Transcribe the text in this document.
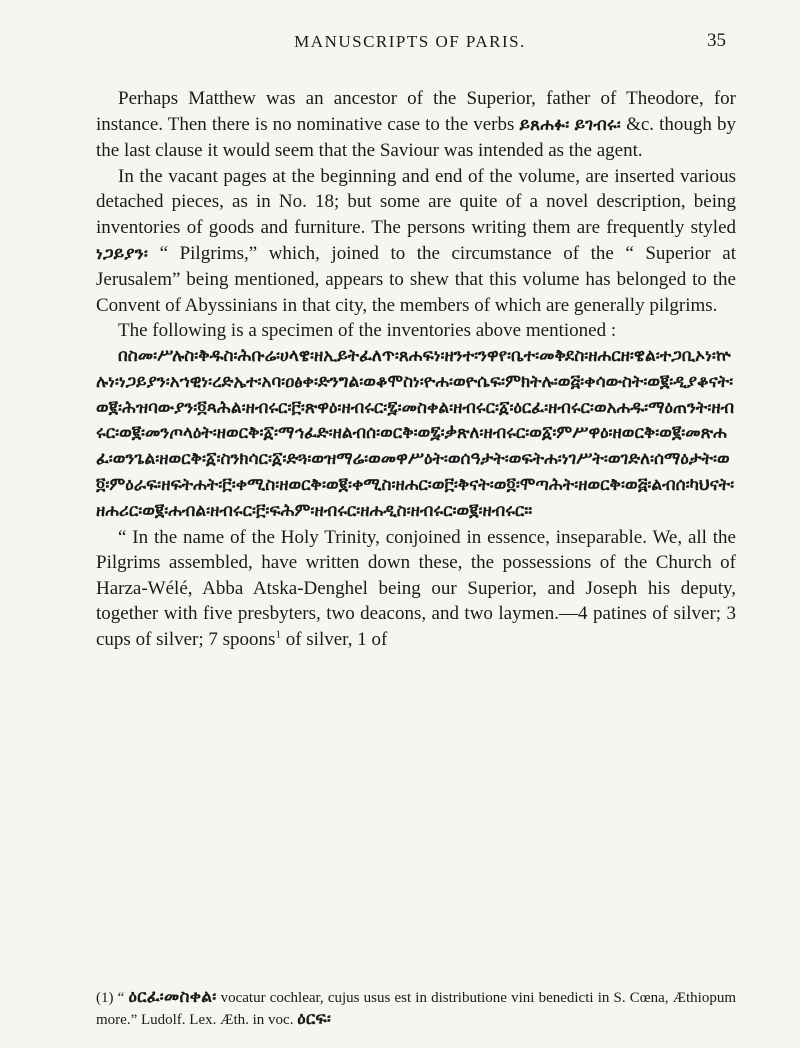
MANUSCRIPTS OF PARIS.	35

Perhaps Matthew was an ancestor of the Superior, father of Theodore, for instance. Then there is no nominative case to the verbs ይጸሐፉ፡ ይገብሩ፡ &c. though by the last clause it would seem that the Saviour was intended as the agent.

In the vacant pages at the beginning and end of the volume, are inserted various detached pieces, as in No. 18; but some are quite of a novel description, being inventories of goods and furniture. The persons writing them are frequently styled ነጋይያን፡ “ Pilgrims,” which, joined to the circumstance of the “ Superior at Jerusalem” being mentioned, appears to shew that this volume has belonged to the Convent of Abyssinians in that city, the members of which are generally pilgrims.

The following is a specimen of the inventories above mentioned :

በስመ፡ሥሉስ፡ቅዱስ፡ሕቡሬ፡ሀላዌ፡ዘኢይትፈለጥ፡ጸሐፍነ፡ዘንተ፡ንዋየ፡ቤተ፡መቅደስ፡ዘሐርዘ፡ዌል፡ተጋቢኦነ፡ኵሉነ፡ነጋይያን፡አኀዊነ፡ረድኤተ፡አባ፡ዐፅቀ፡ድንግል፡ወቆሞስነ፡ዮሐ፡ወዮሴፍ፡ምክትሉ፡ወ፭፡ቀሳውስት፡ወ፪፡ዲያቆናት፡ወ፪፡ሕዝባውያን፡፬ጻሕል፡ዘብሩር፡፫፡ጽዋዕ፡ዘብሩር፡፯፡መስቀል፡ዘብሩር፡፩፡ዕርፈ፡ዘብሩር፡ወአሐዱ፡ማዕጠንት፡ዘብሩር፡ወ፪፡መንጦላዕት፡ዘወርቅ፡፩፡ማኅፈድ፡ዘልብሰ፡ወርቅ፡ወ፯፡ቃጽለ፡ዘብሩር፡ወ፩፡ምሥዋዕ፡ዘወርቅ፡ወ፪፡መጽሐፈ፡ወንጌል፡ዘወርቅ፡፩፡ስንክሳር፡፩፡ድጓ፡ወዝማሬ፡ወመዋሥዕት፡ወሰዓታት፡ወፍትሐ፡ነገሥት፡ወገድለ፡ሰማዕታት፡ወ፬፡ምዕራፍ፡ዘፍትሐት፡፫፡ቀሚስ፡ዘወርቅ፡ወ፪፡ቀሚስ፡ዘሐር፡ወ፫፡ቅናት፡ወ፬፡ሞጣሕት፡ዘወርቅ፡ወ፭፡ልብሰ፡ካህናት፡ዘሐሪር፡ወ፪፡ሐብል፡ዘብሩር፡፫፡ፍሕም፡ዘብሩር፡ዘሐዲስ፡ዘብሩር፡ወ፪፡ዘብሩር።

“ In the name of the Holy Trinity, conjoined in essence, inseparable. We, all the Pilgrims assembled, have written down these, the possessions of the Church of Harza-Wélé, Abba Atska-Denghel being our Superior, and Joseph his deputy, together with five presbyters, two deacons, and two laymen.—4 patines of silver; 3 cups of silver; 7 spoons$^1$ of silver, 1 of

(1) “ ዕርፈ፡መስቀል፡ vocatur cochlear, cujus usus est in distributione vini benedicti in S. Cœna, Æthiopum more.” Ludolf. Lex. Æth. in voc. ዕርፍ፡
